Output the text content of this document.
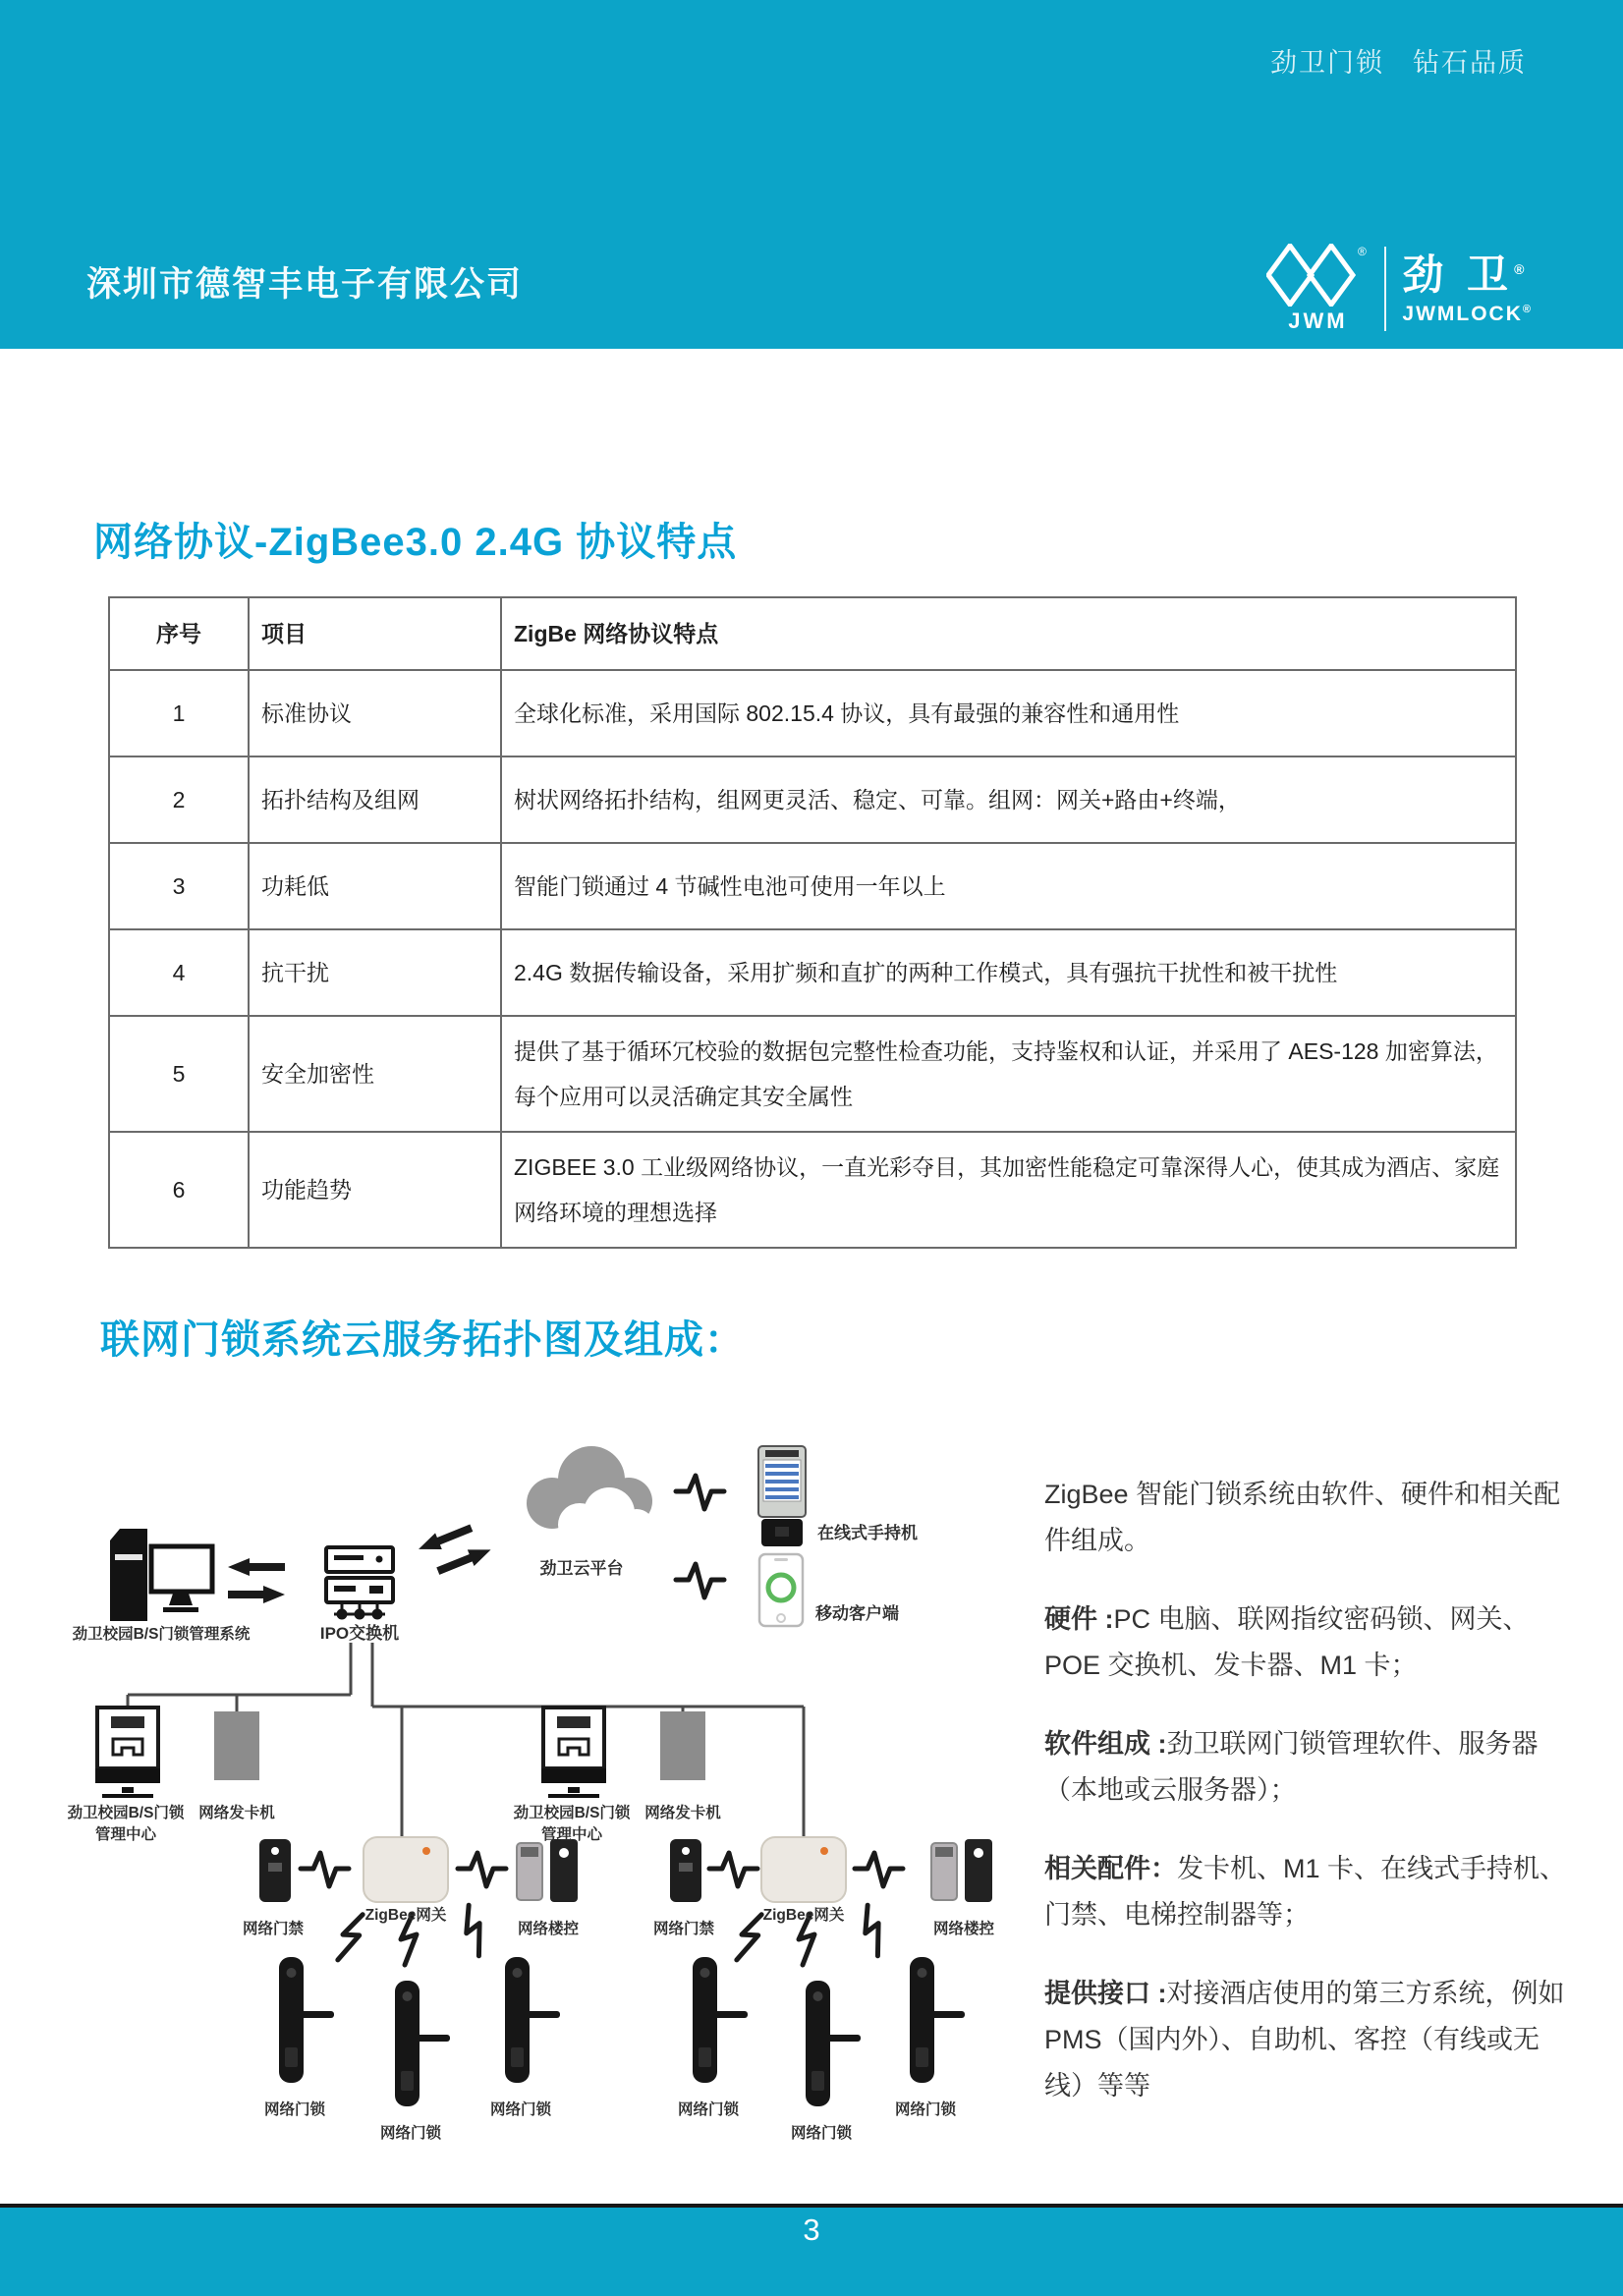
劲卫门锁　钻石品质
深圳市德智丰电子有限公司
®
JWM
劲 卫®
JWMLOCK®
网络协议-ZigBee3.0 2.4G 协议特点
序号	项目	ZigBe 网络协议特点
1	标准协议	全球化标准，采用国际 802.15.4 协议，具有最强的兼容性和通用性
2	拓扑结构及组网	树状网络拓扑结构，组网更灵活、稳定、可靠。组网：网关+路由+终端，
3	功耗低	智能门锁通过 4 节碱性电池可使用一年以上
4	抗干扰	2.4G 数据传输设备，采用扩频和直扩的两种工作模式，具有强抗干扰性和被干扰性
5	安全加密性	提供了基于循环冗校验的数据包完整性检查功能，支持鉴权和认证，并采用了 AES-128 加密算法，每个应用可以灵活确定其安全属性
6	功能趋势	ZIGBEE 3.0 工业级网络协议，一直光彩夺目，其加密性能稳定可靠深得人心，使其成为酒店、家庭网络环境的理想选择
联网门锁系统云服务拓扑图及组成：
劲卫校园B/S门锁管理系统	IPO交换机
劲卫云平台
在线式手持机
移动客户端
劲卫校园B/S门锁
管理中心
网络发卡机	劲卫校园B/S门锁
管理中心
网络发卡机
网络门禁
ZigBee网关
网络楼控	网络门禁
ZigBee网关
网络楼控
网络门锁
网络门锁
网络门锁	网络门锁
网络门锁
网络门锁

ZigBee 智能门锁系统由软件、硬件和相关配件组成。

硬件 :PC 电脑、联网指纹密码锁、网关、POE 交换机、发卡器、M1 卡；

软件组成 :劲卫联网门锁管理软件、服务器（本地或云服务器）；

相关配件：发卡机、M1 卡、在线式手持机、门禁、电梯控制器等；

提供接口 :对接酒店使用的第三方系统，例如 PMS（国内外）、自助机、客控（有线或无线）等等

3
